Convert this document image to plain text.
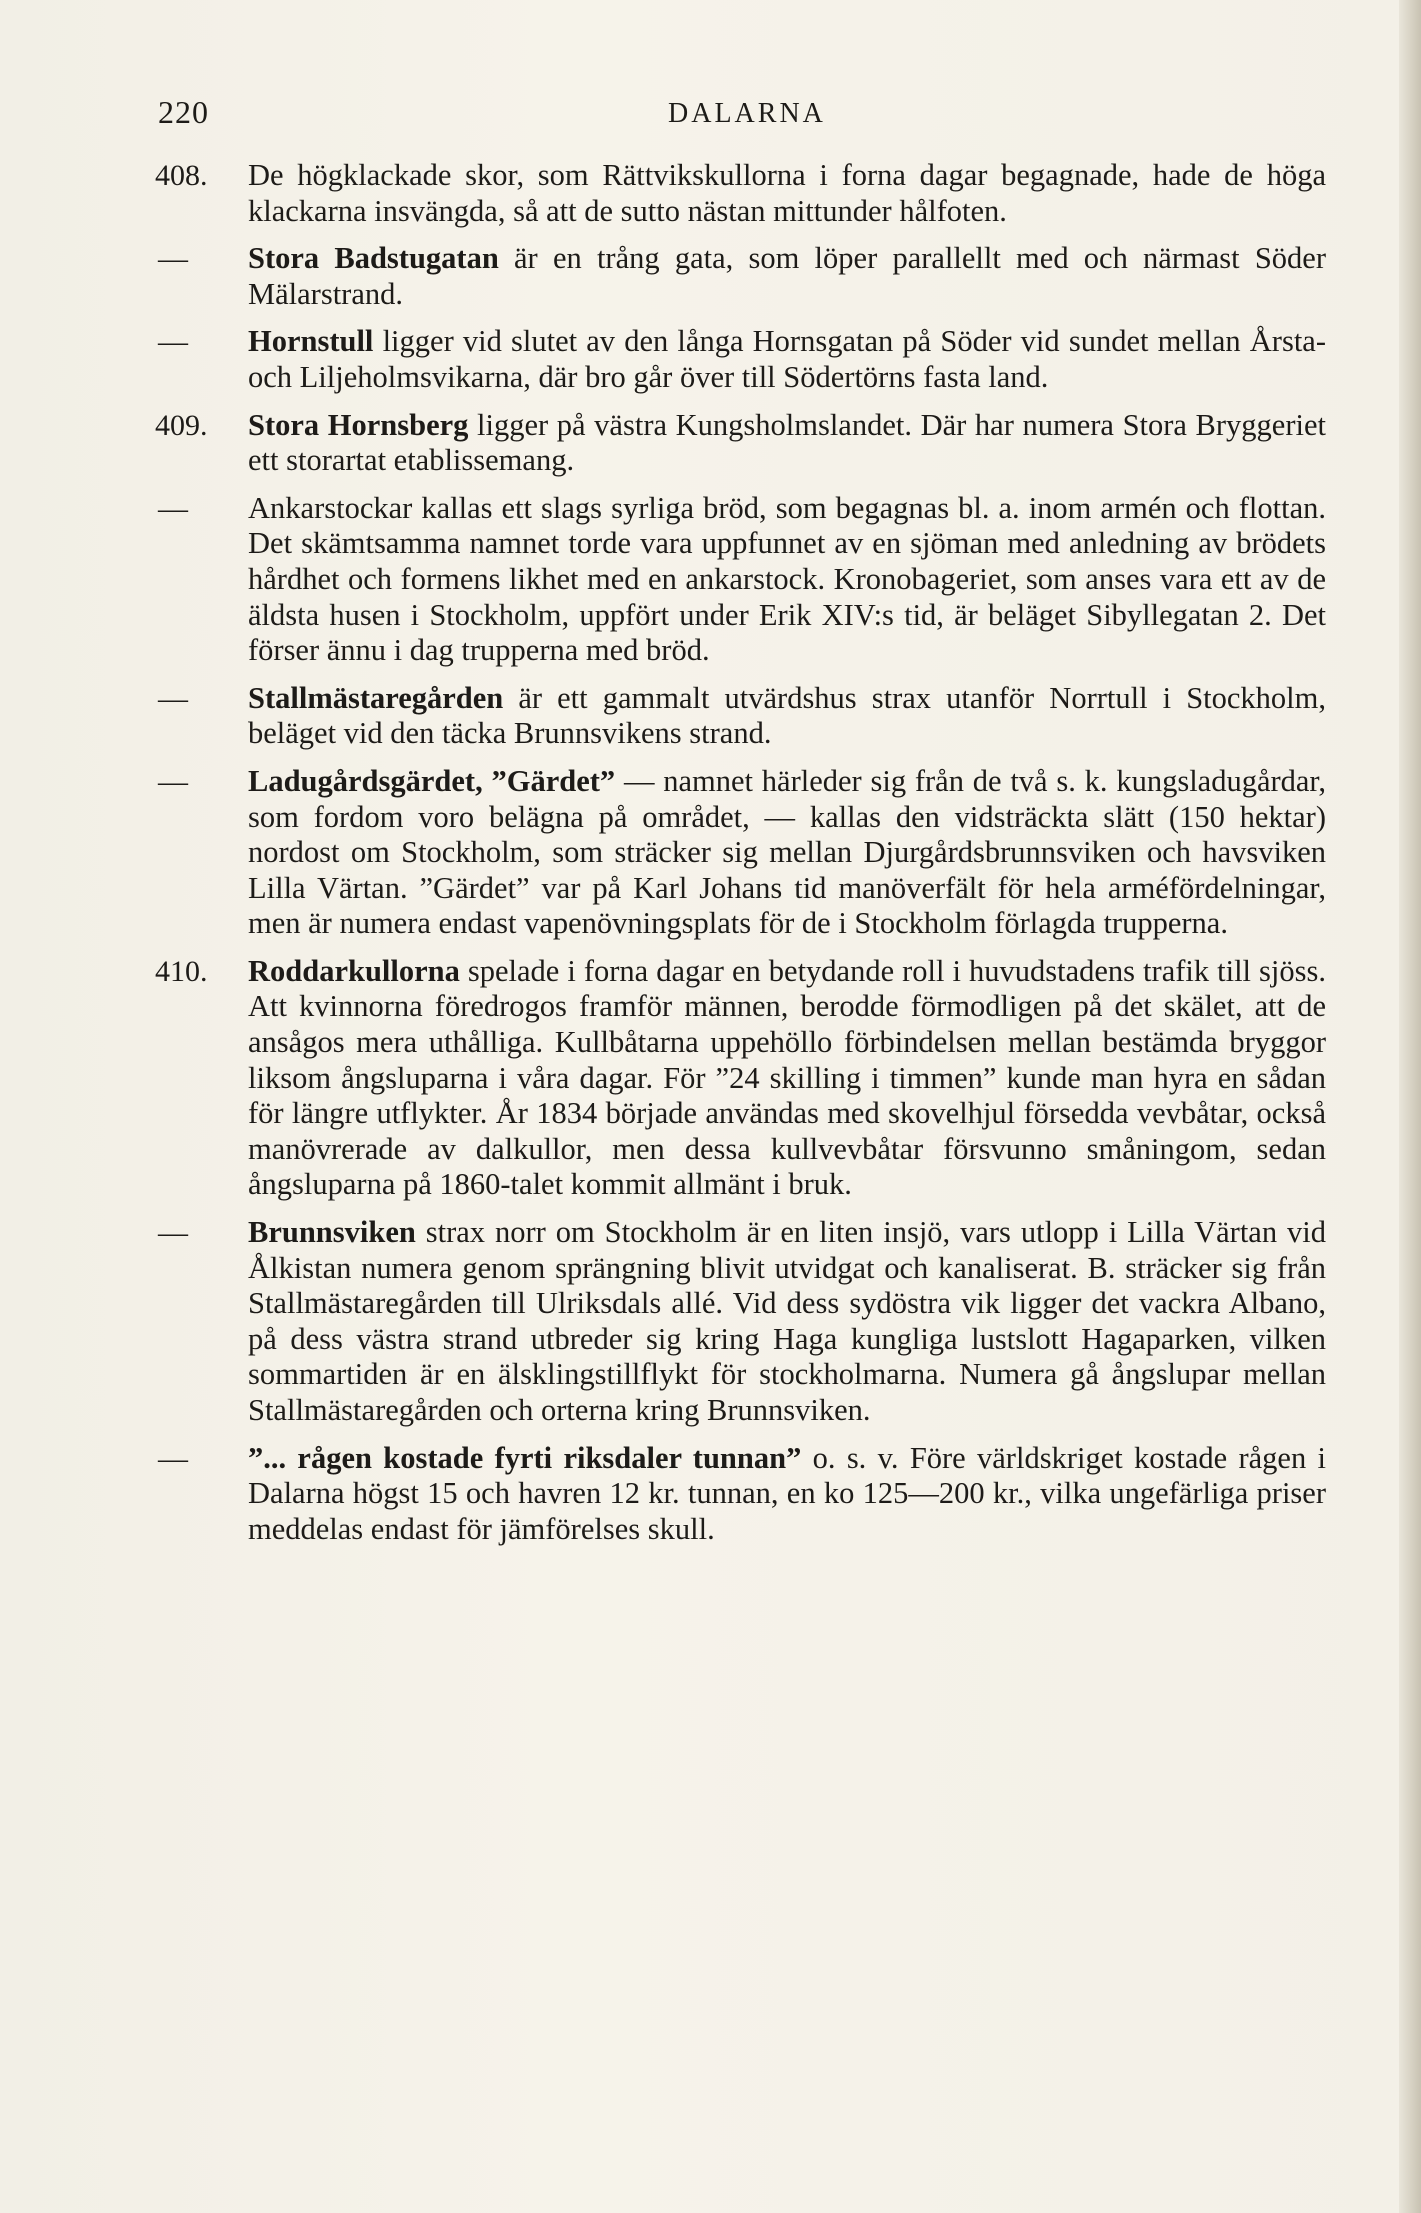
220	DALARNA
408. De högklackade skor, som Rättvikskullorna i forna dagar begagnade, hade de höga klackarna insvängda, så att de sutto nästan mittunder hålfoten.
— Stora Badstugatan är en trång gata, som löper parallellt med och närmast Söder Mälarstrand.
— Hornstull ligger vid slutet av den långa Hornsgatan på Söder vid sundet mellan Årsta- och Liljeholmsvikarna, där bro går över till Södertörns fasta land.
409. Stora Hornsberg ligger på västra Kungsholmslandet. Där har numera Stora Bryggeriet ett storartat etablissemang.
— Ankarstockar kallas ett slags syrliga bröd, som begagnas bl. a. inom armén och flottan. Det skämtsamma namnet torde vara uppfunnet av en sjöman med anledning av brödets hårdhet och formens likhet med en ankarstock. Kronobageriet, som anses vara ett av de äldsta husen i Stockholm, uppfört under Erik XIV:s tid, är beläget Sibyllegatan 2. Det förser ännu i dag trupperna med bröd.
— Stallmästaregården är ett gammalt utvärdshus strax utanför Norrtull i Stockholm, beläget vid den täcka Brunnsvikens strand.
— Ladugårdsgärdet, ”Gärdet” — namnet härleder sig från de två s. k. kungsladugårdar, som fordom voro belägna på området, — kallas den vidsträckta slätt (150 hektar) nordost om Stockholm, som sträcker sig mellan Djurgårdsbrunnsviken och havsviken Lilla Värtan. ”Gärdet” var på Karl Johans tid manöverfält för hela arméfördelningar, men är numera endast vapenövningsplats för de i Stockholm förlagda trupperna.
410. Roddarkullorna spelade i forna dagar en betydande roll i huvudstadens trafik till sjöss. Att kvinnorna föredrogos framför männen, berodde förmodligen på det skälet, att de ansågos mera uthålliga. Kullbåtarna uppehöllo förbindelsen mellan bestämda bryggor liksom ångsluparna i våra dagar. För ”24 skilling i timmen” kunde man hyra en sådan för längre utflykter. År 1834 började användas med skovelhjul försedda vevbåtar, också manövrerade av dalkullor, men dessa kullvevbåtar försvunno småningom, sedan ångsluparna på 1860-talet kommit allmänt i bruk.
— Brunnsviken strax norr om Stockholm är en liten insjö, vars utlopp i Lilla Värtan vid Ålkistan numera genom sprängning blivit utvidgat och kanaliserat. B. sträcker sig från Stallmästaregården till Ulriksdals allé. Vid dess sydöstra vik ligger det vackra Albano, på dess västra strand utbreder sig kring Haga kungliga lustslott Hagaparken, vilken sommartiden är en älsklingstillflykt för stockholmarna. Numera gå ångslupar mellan Stallmästaregården och orterna kring Brunnsviken.
— ”... rågen kostade fyrti riksdaler tunnan” o. s. v. Före världskriget kostade rågen i Dalarna högst 15 och havren 12 kr. tunnan, en ko 125—200 kr., vilka ungefärliga priser meddelas endast för jämförelses skull.
